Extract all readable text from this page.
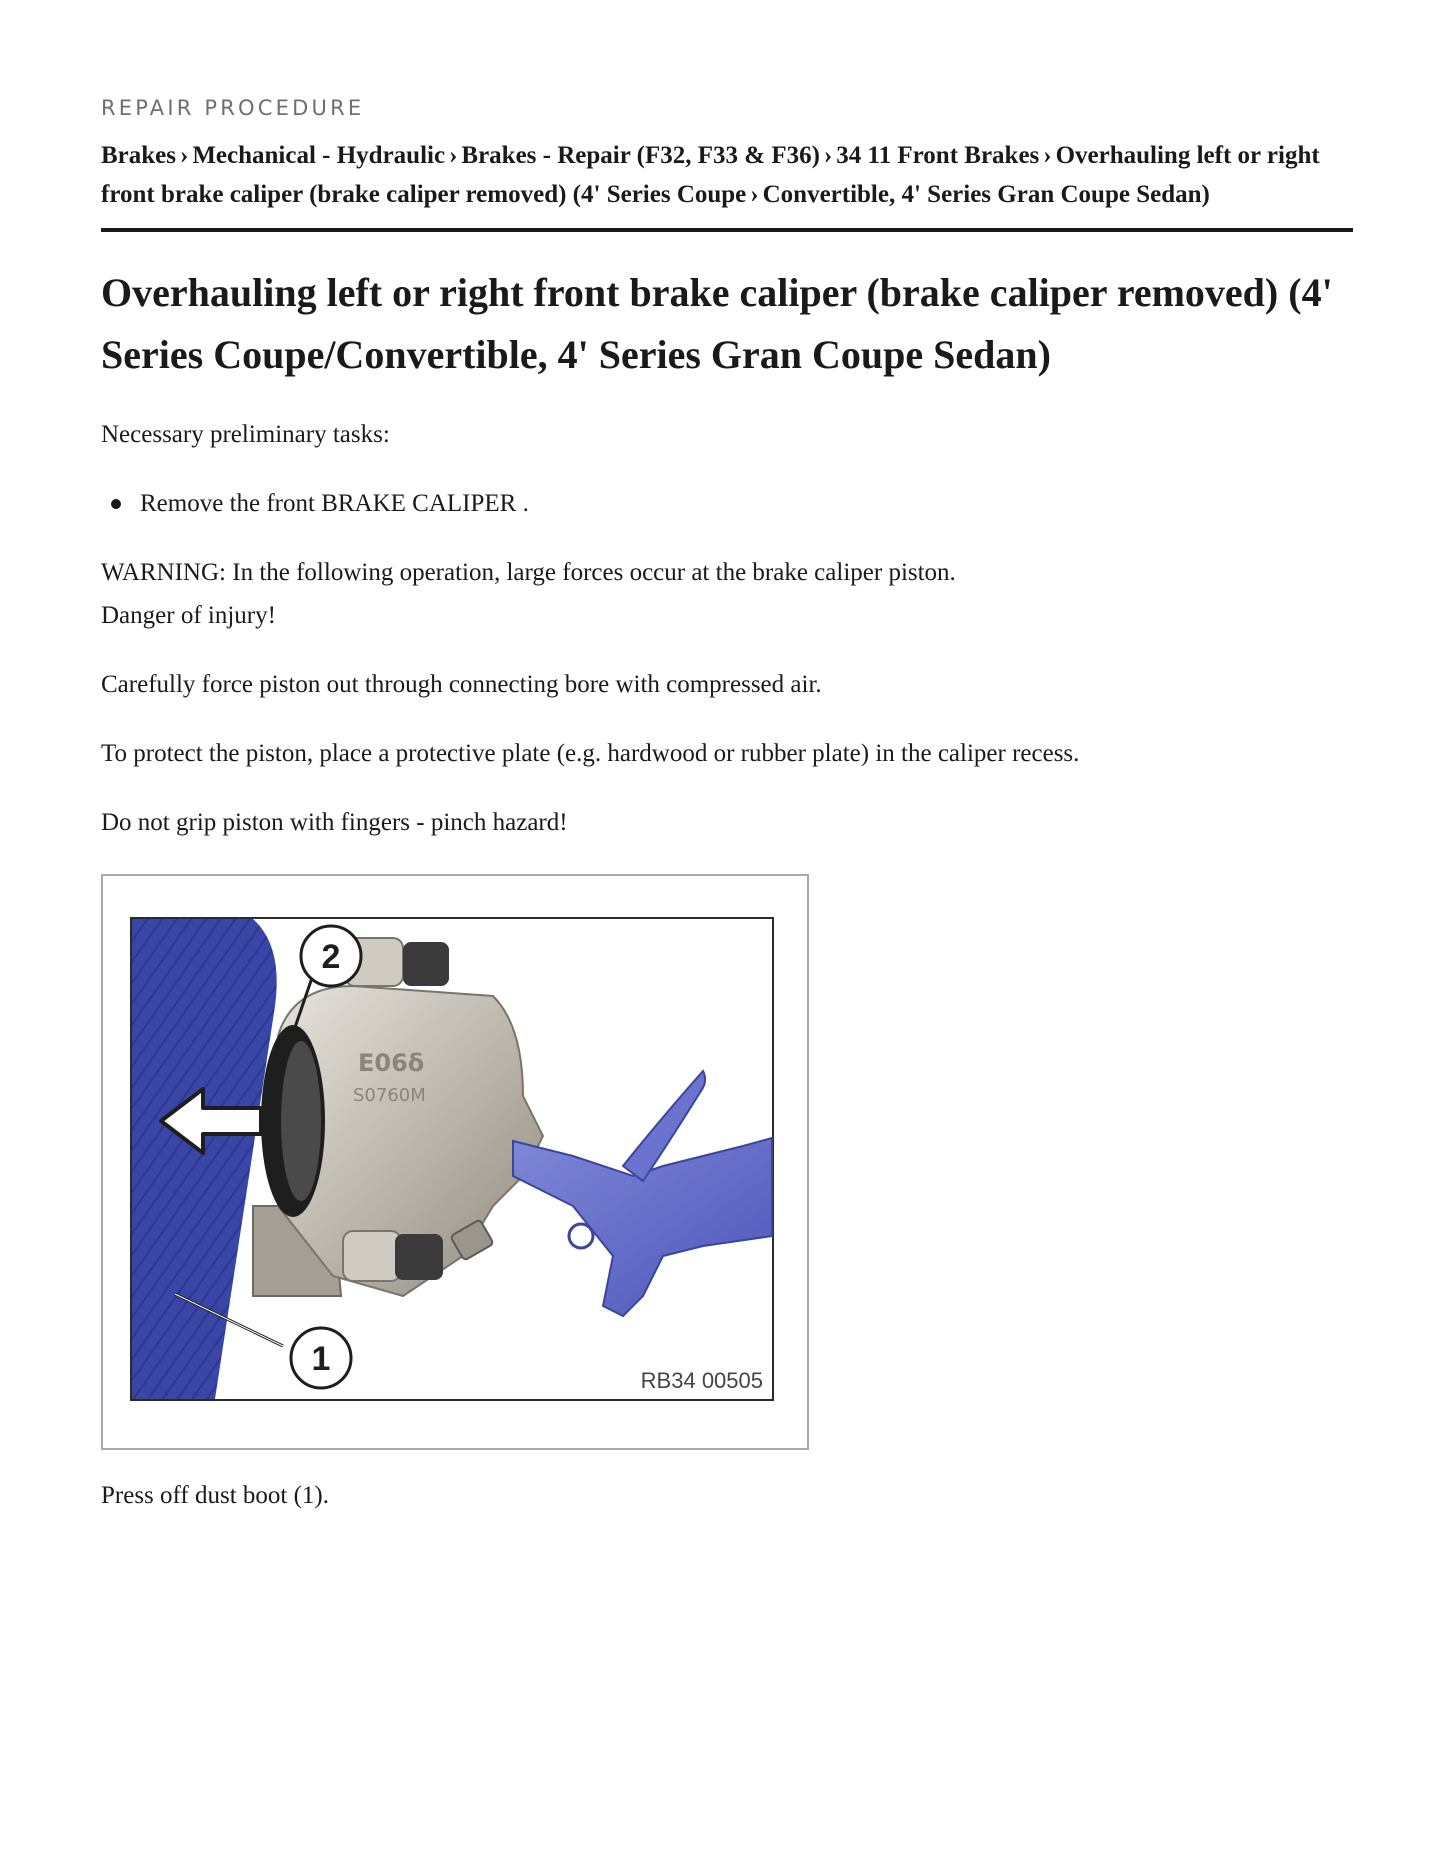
REPAIR PROCEDURE
Brakes › Mechanical - Hydraulic › Brakes - Repair (F32, F33 & F36) › 34 11 Front Brakes › Overhauling left or right front brake caliper (brake caliper removed) (4' Series Coupe › Convertible, 4' Series Gran Coupe Sedan)
Overhauling left or right front brake caliper (brake caliper removed) (4'
Series Coupe/Convertible, 4' Series Gran Coupe Sedan)

Necessary preliminary tasks:

Remove the front BRAKE CALIPER .

WARNING: In the following operation, large forces occur at the brake caliper piston.

Danger of injury!

Carefully force piston out through connecting bore with compressed air.

To protect the piston, place a protective plate (e.g. hardwood or rubber plate) in the caliper recess.

Do not grip piston with fingers - pinch hazard!

E06δ
S0760M
2
1
RB34 00505

Press off dust boot (1).
